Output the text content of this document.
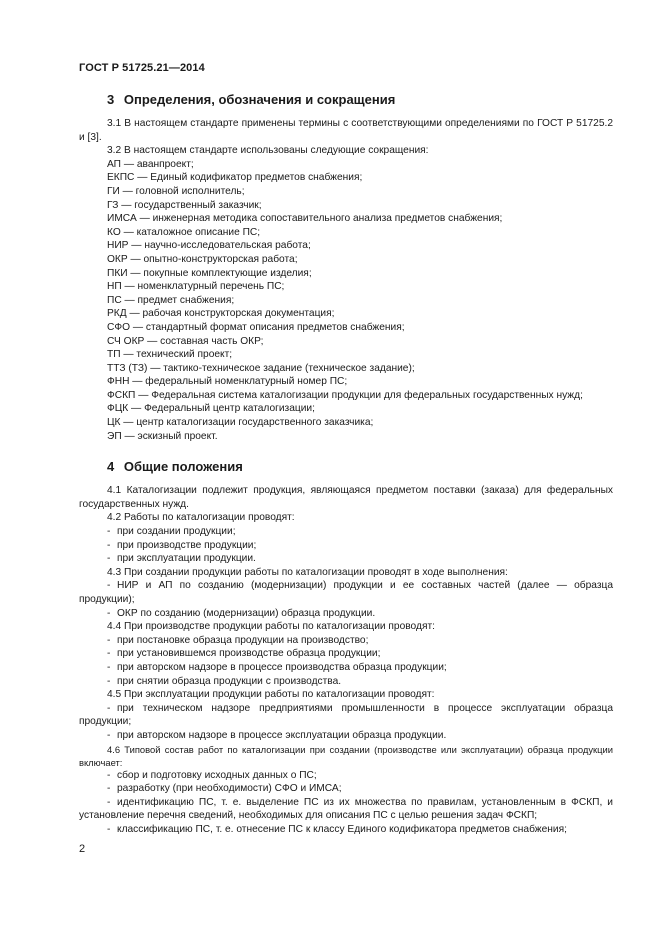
ГОСТ Р 51725.21—2014
3 Определения, обозначения и сокращения

3.1 В настоящем стандарте применены термины с соответствующими определениями по ГОСТ Р 51725.2 и [3].

3.2 В настоящем стандарте использованы следующие сокращения:

АП — аванпроект;

ЕКПС — Единый кодификатор предметов снабжения;

ГИ — головной исполнитель;

ГЗ — государственный заказчик;

ИМСА — инженерная методика сопоставительного анализа предметов снабжения;

КО — каталожное описание ПС;

НИР — научно-исследовательская работа;

ОКР — опытно-конструкторская работа;

ПКИ — покупные комплектующие изделия;

НП — номенклатурный перечень ПС;

ПС — предмет снабжения;

РКД — рабочая конструкторская документация;

СФО — стандартный формат описания предметов снабжения;

СЧ ОКР — составная часть ОКР;

ТП — технический проект;

ТТЗ (ТЗ) — тактико-техническое задание (техническое задание);

ФНН — федеральный номенклатурный номер ПС;

ФСКП — Федеральная система каталогизации продукции для федеральных государственных нужд;

ФЦК — Федеральный центр каталогизации;

ЦК — центр каталогизации государственного заказчика;

ЭП — эскизный проект.

4 Общие положения

4.1 Каталогизации подлежит продукция, являющаяся предметом поставки (заказа) для федеральных государственных нужд.

4.2 Работы по каталогизации проводят:

- при создании продукции;

- при производстве продукции;

- при эксплуатации продукции.

4.3 При создании продукции работы по каталогизации проводят в ходе выполнения:

- НИР и АП по созданию (модернизации) продукции и ее составных частей (далее — образца продукции);

- ОКР по созданию (модернизации) образца продукции.

4.4 При производстве продукции работы по каталогизации проводят:

- при постановке образца продукции на производство;

- при установившемся производстве образца продукции;

- при авторском надзоре в процессе производства образца продукции;

- при снятии образца продукции с производства.

4.5 При эксплуатации продукции работы по каталогизации проводят:

- при техническом надзоре предприятиями промышленности в процессе эксплуатации образца продукции;

- при авторском надзоре в процессе эксплуатации образца продукции.

4.6 Типовой состав работ по каталогизации при создании (производстве или эксплуатации) образца продукции включает:

- сбор и подготовку исходных данных о ПС;

- разработку (при необходимости) СФО и ИМСА;

- идентификацию ПС, т. е. выделение ПС из их множества по правилам, установленным в ФСКП, и установление перечня сведений, необходимых для описания ПС с целью решения задач ФСКП;

- классификацию ПС, т. е. отнесение ПС к классу Единого кодификатора предметов снабжения;

2
